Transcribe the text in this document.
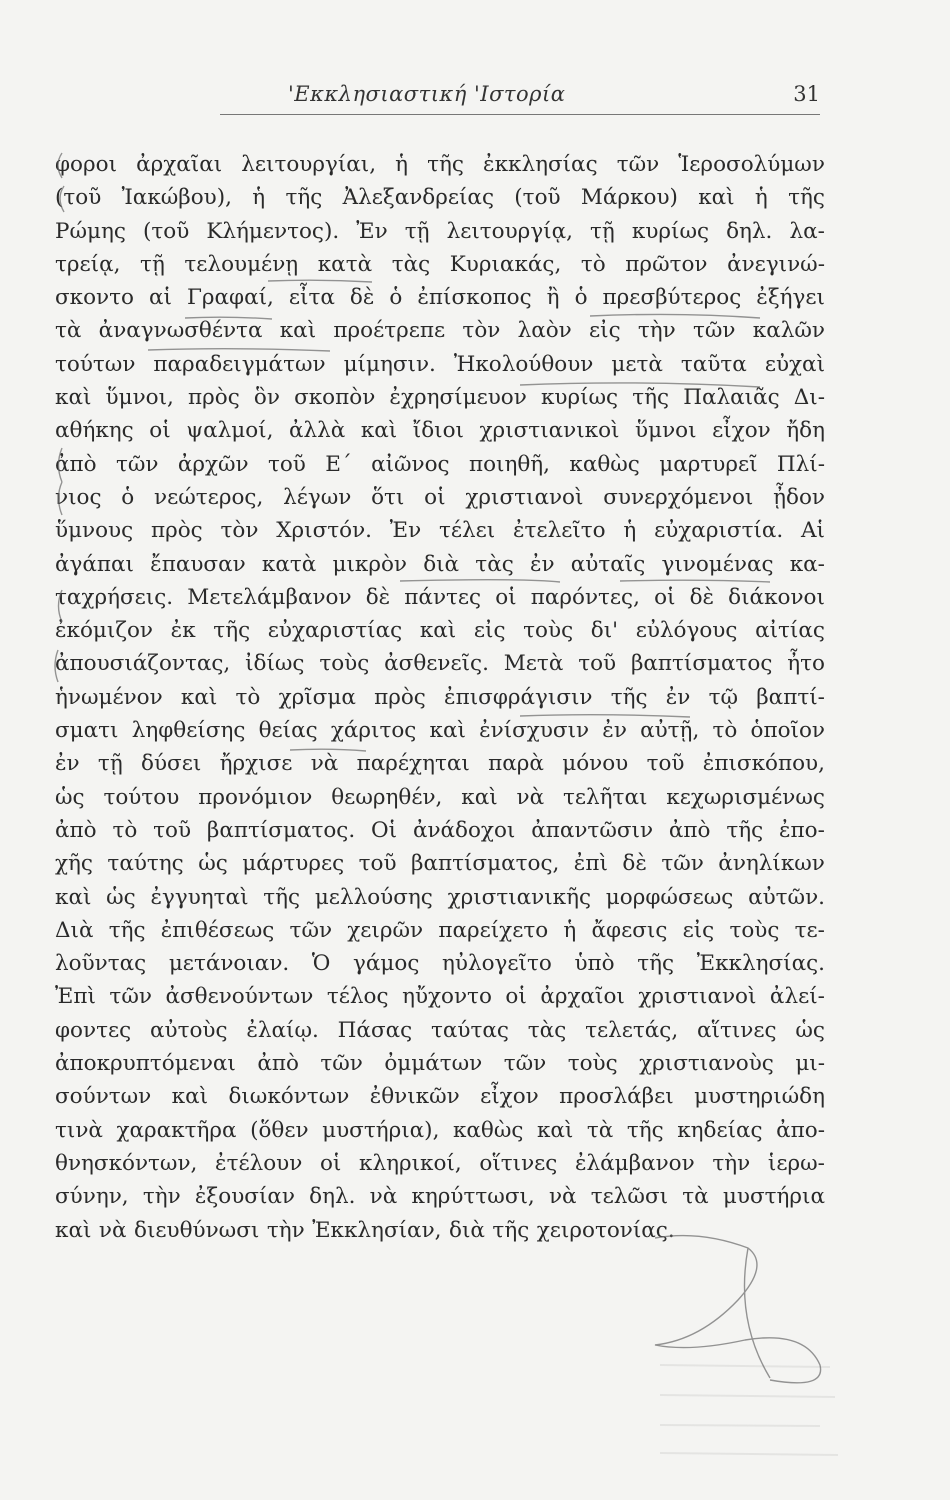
'Εκκλησιαστική 'Ιστορία	31
φοροι ἀρχαῖαι λειτουργίαι, ἡ τῆς ἐκκλησίας τῶν Ἱεροσολύμων
(τοῦ Ἰακώβου), ἡ τῆς Ἀλεξανδρείας (τοῦ Μάρκου) καὶ ἡ τῆς
Ρώμης (τοῦ Κλήμεντος). Ἐν τῇ λειτουργίᾳ, τῇ κυρίως δηλ. λα-
τρείᾳ, τῇ τελουμένῃ κατὰ τὰς Κυριακάς, τὸ πρῶτον ἀνεγινώ-
σκοντο αἱ Γραφαί, εἶτα δὲ ὁ ἐπίσκοπος ἢ ὁ πρεσβύτερος ἐξήγει
τὰ ἀναγνωσθέντα καὶ προέτρεπε τὸν λαὸν εἰς τὴν τῶν καλῶν
τούτων παραδειγμάτων μίμησιν. Ἠκολούθουν μετὰ ταῦτα εὐχαὶ
καὶ ὕμνοι, πρὸς ὃν σκοπὸν ἐχρησίμευον κυρίως τῆς Παλαιᾶς Δι-
αθήκης οἱ ψαλμοί, ἀλλὰ καὶ ἴδιοι χριστιανικοὶ ὕμνοι εἶχον ἤδη
ἀπὸ τῶν ἀρχῶν τοῦ Ε΄ αἰῶνος ποιηθῆ, καθὼς μαρτυρεῖ Πλί-
νιος ὁ νεώτερος, λέγων ὅτι οἱ χριστιανοὶ συνερχόμενοι ᾖδον
ὕμνους πρὸς τὸν Χριστόν. Ἐν τέλει ἐτελεῖτο ἡ εὐχαριστία. Αἱ
ἀγάπαι ἔπαυσαν κατὰ μικρὸν διὰ τὰς ἐν αὐταῖς γινομένας κα-
ταχρήσεις. Μετελάμβανον δὲ πάντες οἱ παρόντες, οἱ δὲ διάκονοι
ἐκόμιζον ἐκ τῆς εὐχαριστίας καὶ εἰς τοὺς δι' εὐλόγους αἰτίας
ἀπουσιάζοντας, ἰδίως τοὺς ἀσθενεῖς. Μετὰ τοῦ βαπτίσματος ἦτο
ἡνωμένον καὶ τὸ χρῖσμα πρὸς ἐπισφράγισιν τῆς ἐν τῷ βαπτί-
σματι ληφθείσης θείας χάριτος καὶ ἐνίσχυσιν ἐν αὐτῇ, τὸ ὁποῖον
ἐν τῇ δύσει ἤρχισε νὰ παρέχηται παρὰ μόνου τοῦ ἐπισκόπου,
ὡς τούτου προνόμιον θεωρηθέν, καὶ νὰ τελῆται κεχωρισμένως
ἀπὸ τὸ τοῦ βαπτίσματος. Οἱ ἀνάδοχοι ἀπαντῶσιν ἀπὸ τῆς ἐπο-
χῆς ταύτης ὡς μάρτυρες τοῦ βαπτίσματος, ἐπὶ δὲ τῶν ἀνηλίκων
καὶ ὡς ἐγγυηταὶ τῆς μελλούσης χριστιανικῆς μορφώσεως αὐτῶν.
Διὰ τῆς ἐπιθέσεως τῶν χειρῶν παρείχετο ἡ ἄφεσις εἰς τοὺς τε-
λοῦντας μετάνοιαν. Ὁ γάμος ηὐλογεῖτο ὑπὸ τῆς Ἐκκλησίας.
Ἐπὶ τῶν ἀσθενούντων τέλος ηὔχοντο οἱ ἀρχαῖοι χριστιανοὶ ἀλεί-
φοντες αὐτοὺς ἐλαίῳ. Πάσας ταύτας τὰς τελετάς, αἵτινες ὡς
ἀποκρυπτόμεναι ἀπὸ τῶν ὀμμάτων τῶν τοὺς χριστιανοὺς μι-
σούντων καὶ διωκόντων ἐθνικῶν εἶχον προσλάβει μυστηριώδη
τινὰ χαρακτῆρα (ὅθεν μυστήρια), καθὼς καὶ τὰ τῆς κηδείας ἀπο-
θνησκόντων, ἐτέλουν οἱ κληρικοί, οἵτινες ἐλάμβανον τὴν ἱερω-
σύνην, τὴν ἐξουσίαν δηλ. νὰ κηρύττωσι, νὰ τελῶσι τὰ μυστήρια
καὶ νὰ διευθύνωσι τὴν Ἐκκλησίαν, διὰ τῆς χειροτονίας.
